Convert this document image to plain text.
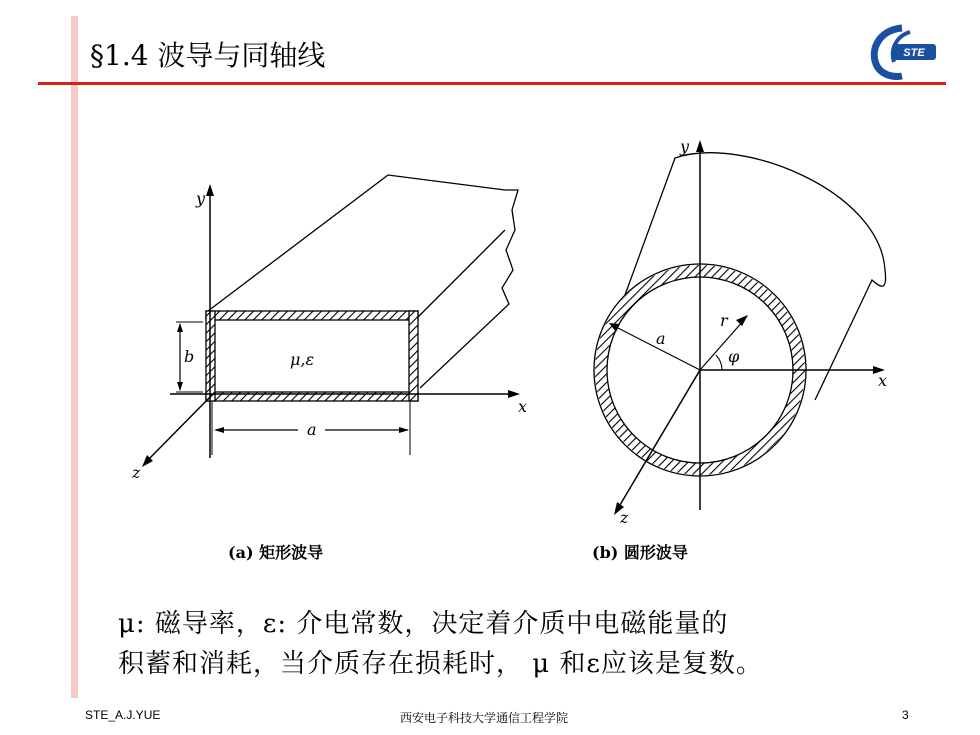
§1.4 波导与同轴线	STE
y
x
z
b
a
μ,ε
y
x
z
a
r
φ
(a) 矩形波导	(b) 圆形波导
μ: 磁导率，ε: 介电常数，决定着介质中电磁能量的
积蓄和消耗，当介质存在损耗时， μ 和ε应该是复数。
STE_A.J.YUE	西安电子科技大学通信工程学院	3
